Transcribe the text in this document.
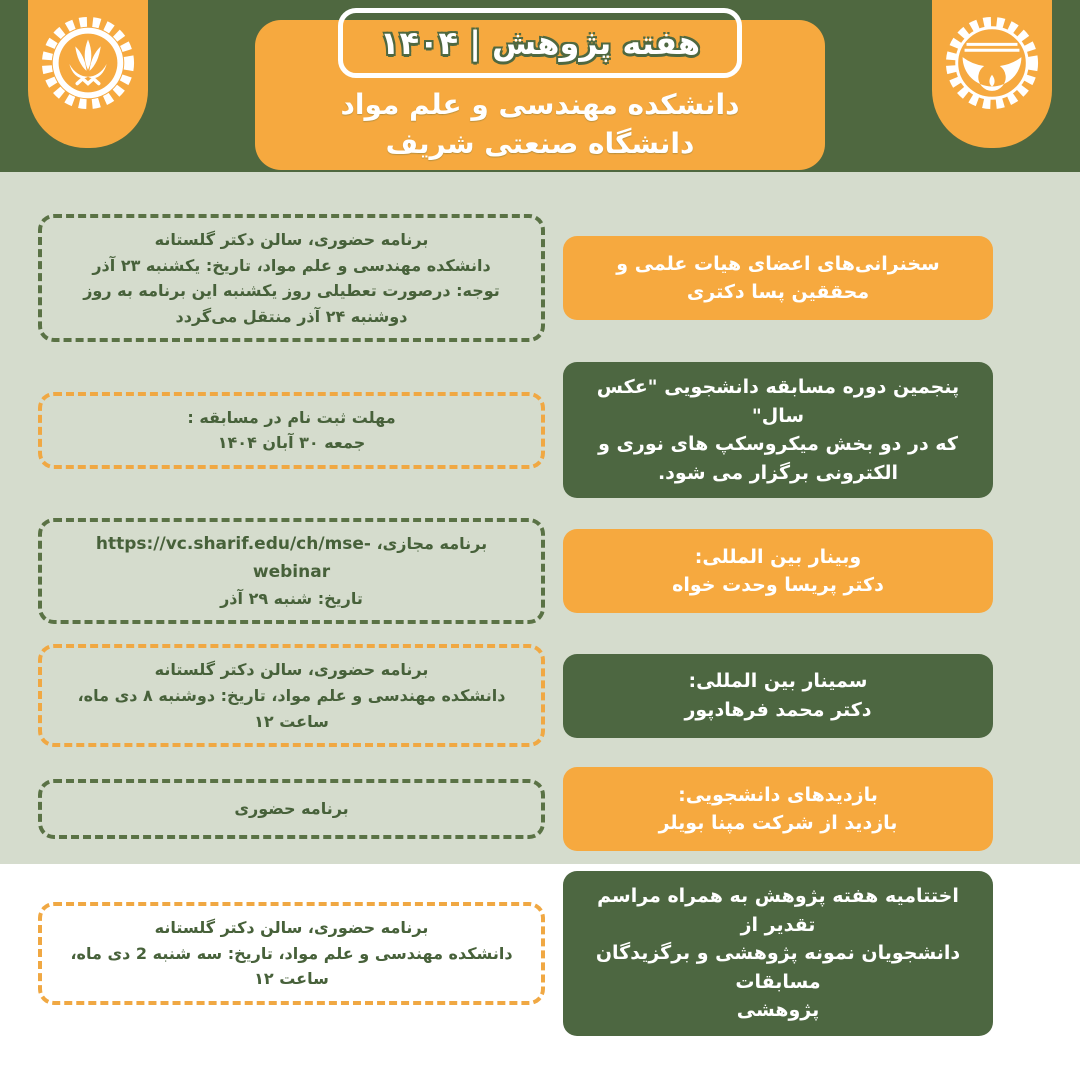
هفته پژوهش | ۱۴۰۴
دانشکده مهندسی و علم مواد
دانشگاه صنعتی شریف
سخنرانی‌های اعضای هیات علمی و
محققین پسا دکتری
برنامه حضوری، سالن دکتر گلستانه
دانشکده مهندسی و علم مواد، تاریخ: یکشنبه ۲۳ آذر
توجه: درصورت تعطیلی روز یکشنبه این برنامه به روز دوشنبه ۲۴ آذر منتقل می‌گردد
پنجمین دوره مسابقه دانشجویی "عکس سال"
که در دو بخش میکروسکپ های نوری و
الکترونی برگزار می شود.
مهلت ثبت نام در مسابقه :
جمعه ۳۰ آبان ۱۴۰۴
وبینار بین المللی:
دکتر پریسا وحدت خواه
برنامه مجازی، https://vc.sharif.edu/ch/mse-webinar
تاریخ: شنبه ۲۹ آذر
سمینار بین المللی:
دکتر محمد فرهادپور
برنامه حضوری، سالن دکتر گلستانه
دانشکده مهندسی و علم مواد، تاریخ: دوشنبه ۸ دی ماه، ساعت ۱۲
بازدیدهای دانشجویی:
بازدید از شرکت مپنا بویلر
برنامه حضوری
اختتامیه هفته پژوهش به همراه مراسم تقدیر از
دانشجویان نمونه پژوهشی و برگزیدگان مسابقات
پژوهشی
برنامه حضوری، سالن دکتر گلستانه
دانشکده مهندسی و علم مواد، تاریخ: سه شنبه 2 دی ماه، ساعت ۱۲
